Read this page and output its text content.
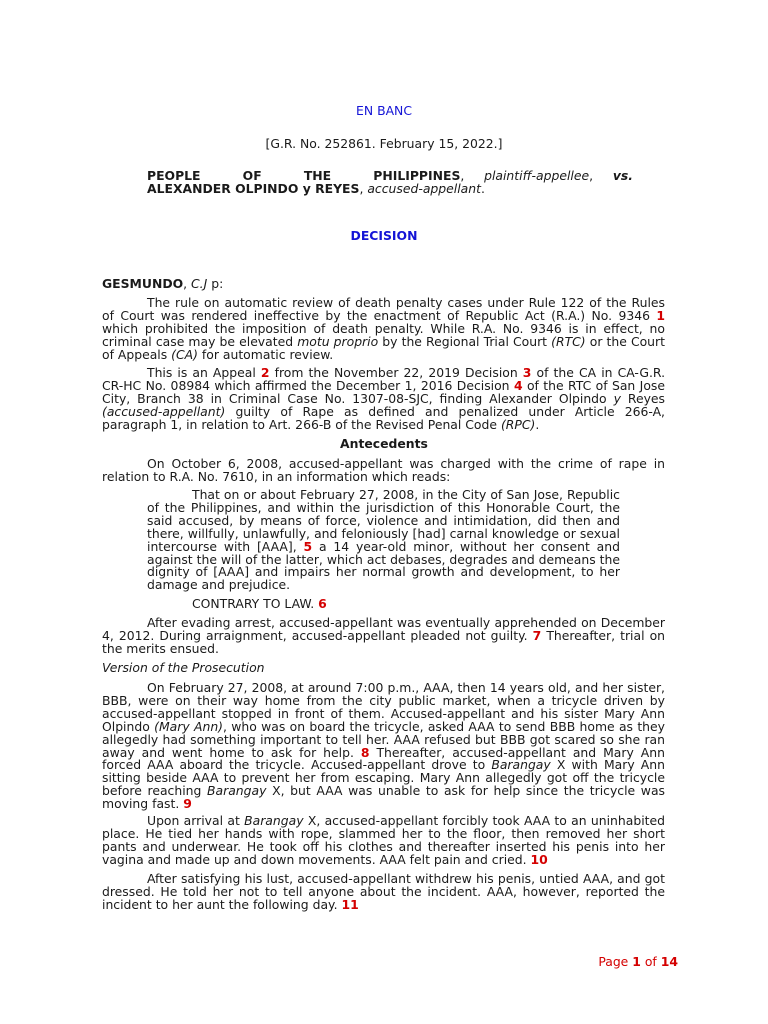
EN BANC
[G.R. No. 252861. February 15, 2022.]
PEOPLE OF THE PHILIPPINES, plaintiff-appellee, vs. ALEXANDER OLPINDO y REYES, accused-appellant.
DECISION
GESMUNDO, C.J p:

The rule on automatic review of death penalty cases under Rule 122 of the Rules of Court was rendered ineffective by the enactment of Republic Act (R.A.) No. 9346 1 which prohibited the imposition of death penalty. While R.A. No. 9346 is in effect, no criminal case may be elevated motu proprio by the Regional Trial Court (RTC) or the Court of Appeals (CA) for automatic review.

This is an Appeal 2 from the November 22, 2019 Decision 3 of the CA in CA-G.R. CR-HC No. 08984 which affirmed the December 1, 2016 Decision 4 of the RTC of San Jose City, Branch 38 in Criminal Case No. 1307-08-SJC, finding Alexander Olpindo y Reyes (accused-appellant) guilty of Rape as defined and penalized under Article 266-A, paragraph 1, in relation to Art. 266-B of the Revised Penal Code (RPC).

Antecedents

On October 6, 2008, accused-appellant was charged with the crime of rape in relation to R.A. No. 7610, in an information which reads:

That on or about February 27, 2008, in the City of San Jose, Republic of the Philippines, and within the jurisdiction of this Honorable Court, the said accused, by means of force, violence and intimidation, did then and there, willfully, unlawfully, and feloniously [had] carnal knowledge or sexual intercourse with [AAA], 5 a 14 year-old minor, without her consent and against the will of the latter, which act debases, degrades and demeans the dignity of [AAA] and impairs her normal growth and development, to her damage and prejudice.

CONTRARY TO LAW. 6

After evading arrest, accused-appellant was eventually apprehended on December 4, 2012. During arraignment, accused-appellant pleaded not guilty. 7 Thereafter, trial on the merits ensued.

Version of the Prosecution

On February 27, 2008, at around 7:00 p.m., AAA, then 14 years old, and her sister, BBB, were on their way home from the city public market, when a tricycle driven by accused-appellant stopped in front of them. Accused-appellant and his sister Mary Ann Olpindo (Mary Ann), who was on board the tricycle, asked AAA to send BBB home as they allegedly had something important to tell her. AAA refused but BBB got scared so she ran away and went home to ask for help. 8 Thereafter, accused-appellant and Mary Ann forced AAA aboard the tricycle. Accused-appellant drove to Barangay X with Mary Ann sitting beside AAA to prevent her from escaping. Mary Ann allegedly got off the tricycle before reaching Barangay X, but AAA was unable to ask for help since the tricycle was moving fast. 9

Upon arrival at Barangay X, accused-appellant forcibly took AAA to an uninhabited place. He tied her hands with rope, slammed her to the floor, then removed her short pants and underwear. He took off his clothes and thereafter inserted his penis into her vagina and made up and down movements. AAA felt pain and cried. 10

After satisfying his lust, accused-appellant withdrew his penis, untied AAA, and got dressed. He told her not to tell anyone about the incident. AAA, however, reported the incident to her aunt the following day. 11

Page 1 of 14
